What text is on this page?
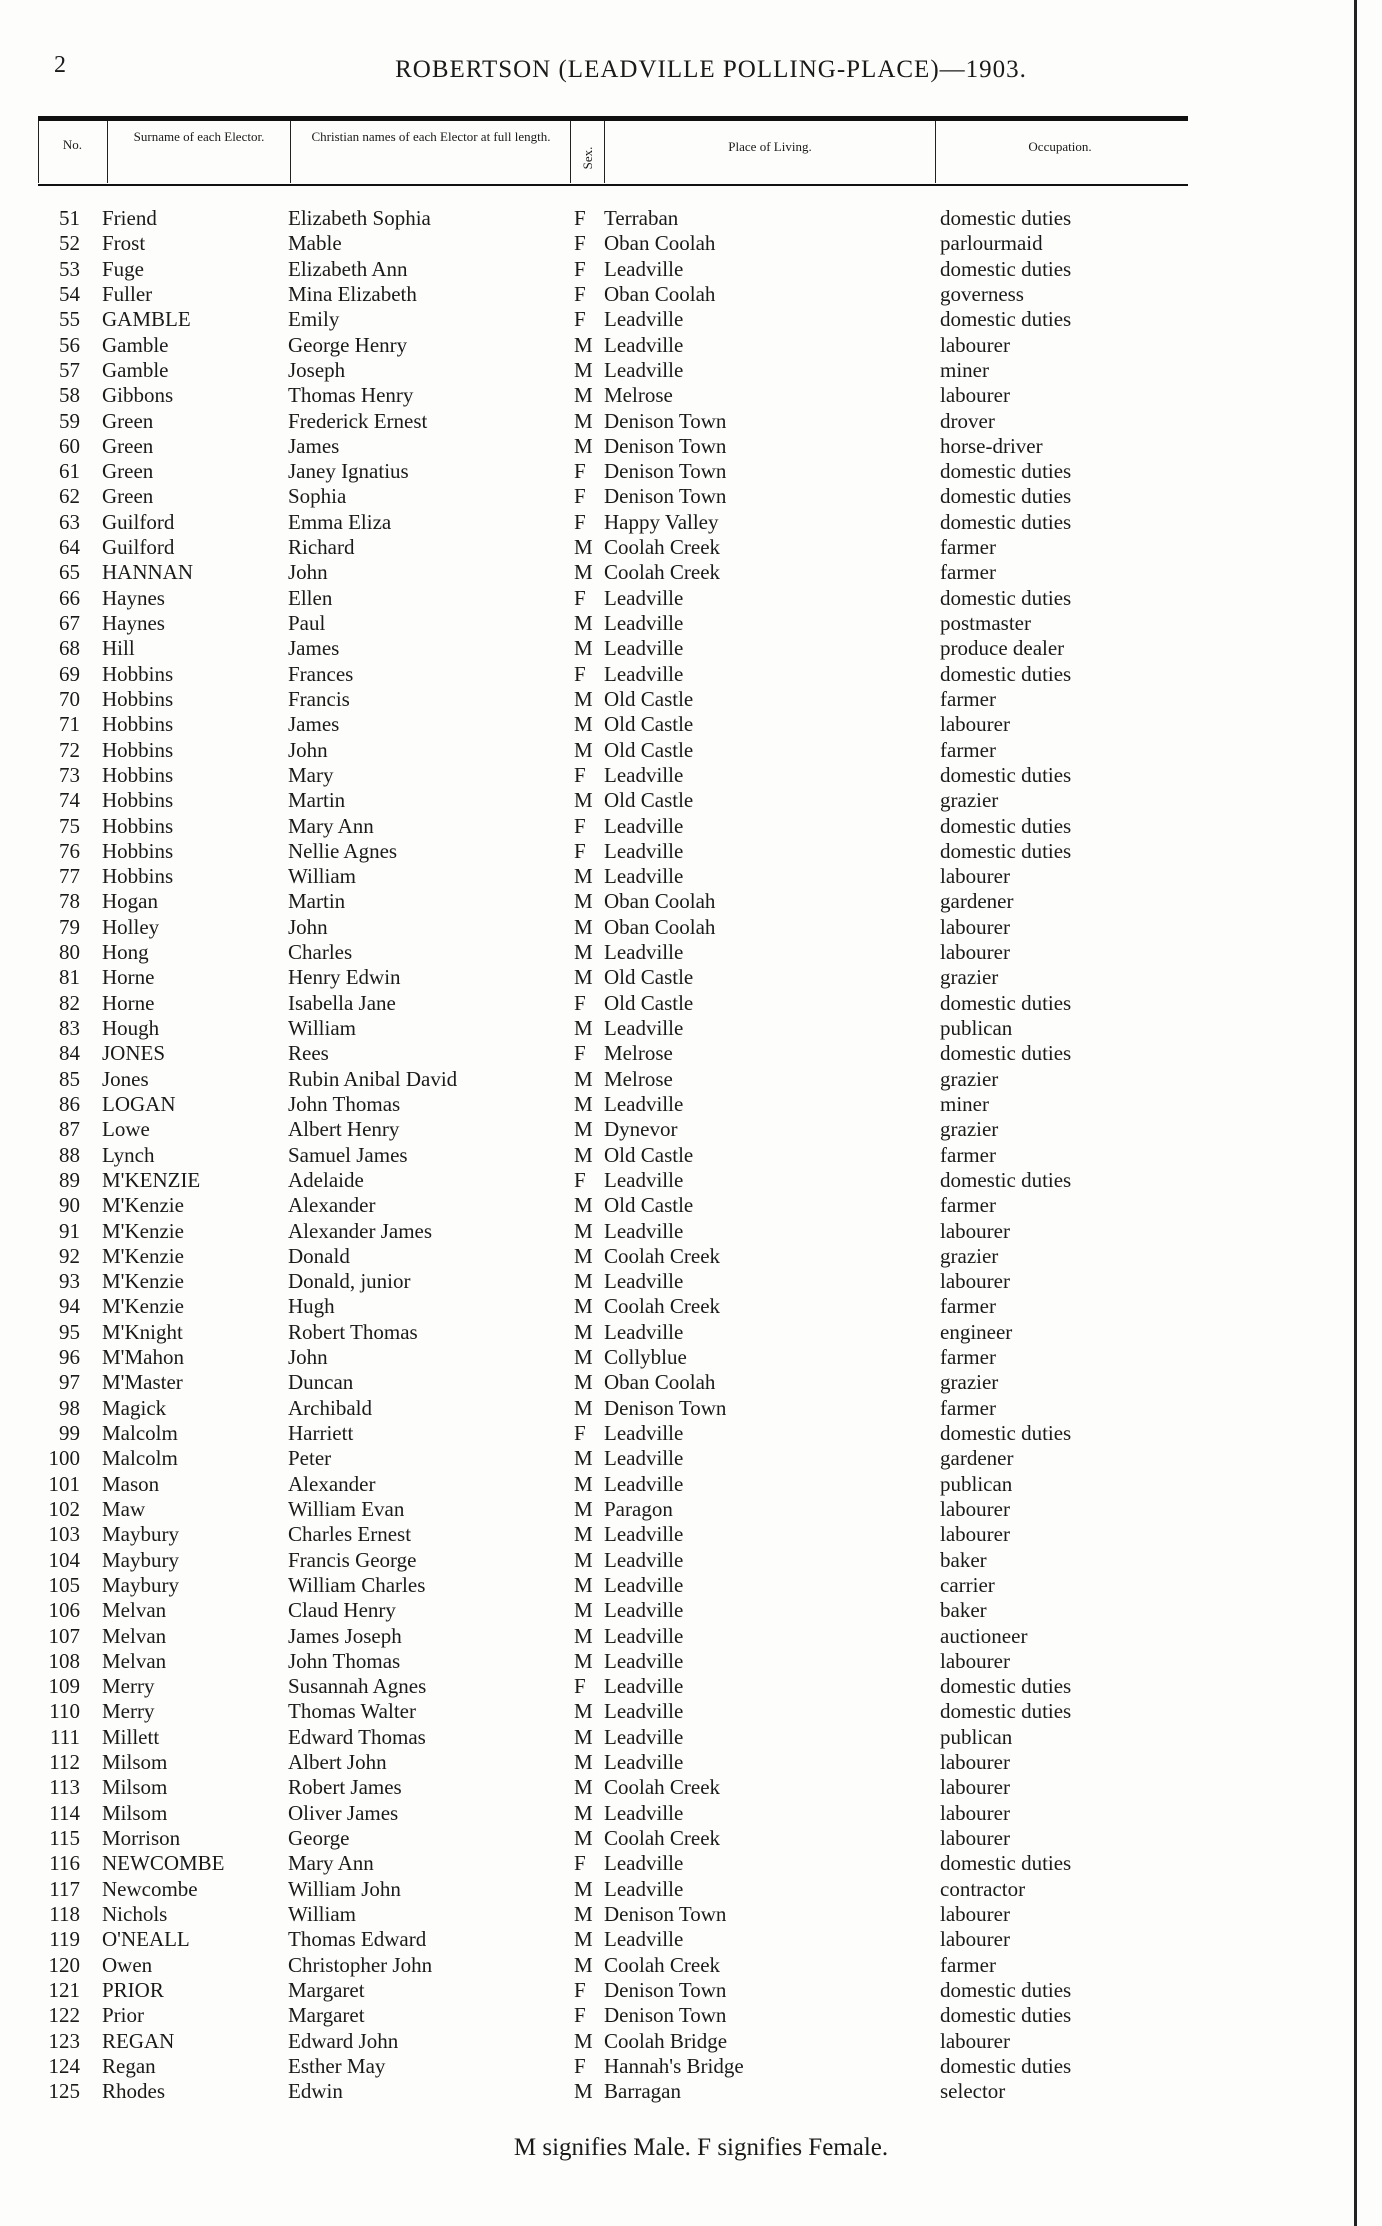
2	ROBERTSON (LEADVILLE POLLING-PLACE)—1903.
No.
Surname of each Elector.	Christian names of each Elector at full length.
Sex.
Place of Living.	Occupation.
51 Friend	Elizabeth Sophia	F Terraban	domestic duties
52 Frost	Mable	F Oban Coolah	parlourmaid
53 Fuge	Elizabeth Ann	F Leadville	domestic duties
54 Fuller	Mina Elizabeth	F Oban Coolah	governess
55 GAMBLE	Emily	F Leadville	domestic duties
56 Gamble	George Henry	M Leadville	labourer
57 Gamble	Joseph	M Leadville	miner
58 Gibbons	Thomas Henry	M Melrose	labourer
59 Green	Frederick Ernest	M Denison Town	drover
60 Green	James	M Denison Town	horse-driver
61 Green	Janey Ignatius	F Denison Town	domestic duties
62 Green	Sophia	F Denison Town	domestic duties
63 Guilford	Emma Eliza	F Happy Valley	domestic duties
64 Guilford	Richard	M Coolah Creek	farmer
65 HANNAN	John	M Coolah Creek	farmer
66 Haynes	Ellen	F Leadville	domestic duties
67 Haynes	Paul	M Leadville	postmaster
68 Hill	James	M Leadville	produce dealer
69 Hobbins	Frances	F Leadville	domestic duties
70 Hobbins	Francis	M Old Castle	farmer
71 Hobbins	James	M Old Castle	labourer
72 Hobbins	John	M Old Castle	farmer
73 Hobbins	Mary	F Leadville	domestic duties
74 Hobbins	Martin	M Old Castle	grazier
75 Hobbins	Mary Ann	F Leadville	domestic duties
76 Hobbins	Nellie Agnes	F Leadville	domestic duties
77 Hobbins	William	M Leadville	labourer
78 Hogan	Martin	M Oban Coolah	gardener
79 Holley	John	M Oban Coolah	labourer
80 Hong	Charles	M Leadville	labourer
81 Horne	Henry Edwin	M Old Castle	grazier
82 Horne	Isabella Jane	F Old Castle	domestic duties
83 Hough	William	M Leadville	publican
84 JONES	Rees	F Melrose	domestic duties
85 Jones	Rubin Anibal David	M Melrose	grazier
86 LOGAN	John Thomas	M Leadville	miner
87 Lowe	Albert Henry	M Dynevor	grazier
88 Lynch	Samuel James	M Old Castle	farmer
89 M'KENZIE	Adelaide	F Leadville	domestic duties
90 M'Kenzie	Alexander	M Old Castle	farmer
91 M'Kenzie	Alexander James	M Leadville	labourer
92 M'Kenzie	Donald	M Coolah Creek	grazier
93 M'Kenzie	Donald, junior	M Leadville	labourer
94 M'Kenzie	Hugh	M Coolah Creek	farmer
95 M'Knight	Robert Thomas	M Leadville	engineer
96 M'Mahon	John	M Collyblue	farmer
97 M'Master	Duncan	M Oban Coolah	grazier
98 Magick	Archibald	M Denison Town	farmer
99 Malcolm	Harriett	F Leadville	domestic duties
100 Malcolm	Peter	M Leadville	gardener
101 Mason	Alexander	M Leadville	publican
102 Maw	William Evan	M Paragon	labourer
103 Maybury	Charles Ernest	M Leadville	labourer
104 Maybury	Francis George	M Leadville	baker
105 Maybury	William Charles	M Leadville	carrier
106 Melvan	Claud Henry	M Leadville	baker
107 Melvan	James Joseph	M Leadville	auctioneer
108 Melvan	John Thomas	M Leadville	labourer
109 Merry	Susannah Agnes	F Leadville	domestic duties
110 Merry	Thomas Walter	M Leadville	domestic duties
111 Millett	Edward Thomas	M Leadville	publican
112 Milsom	Albert John	M Leadville	labourer
113 Milsom	Robert James	M Coolah Creek	labourer
114 Milsom	Oliver James	M Leadville	labourer
115 Morrison	George	M Coolah Creek	labourer
116 NEWCOMBE	Mary Ann	F Leadville	domestic duties
117 Newcombe	William John	M Leadville	contractor
118 Nichols	William	M Denison Town	labourer
119 O'NEALL	Thomas Edward	M Leadville	labourer
120 Owen	Christopher John	M Coolah Creek	farmer
121 PRIOR	Margaret	F Denison Town	domestic duties
122 Prior	Margaret	F Denison Town	domestic duties
123 REGAN	Edward John	M Coolah Bridge	labourer
124 Regan	Esther May	F Hannah's Bridge	domestic duties
125 Rhodes	Edwin	M Barragan	selector
M signifies Male. F signifies Female.
